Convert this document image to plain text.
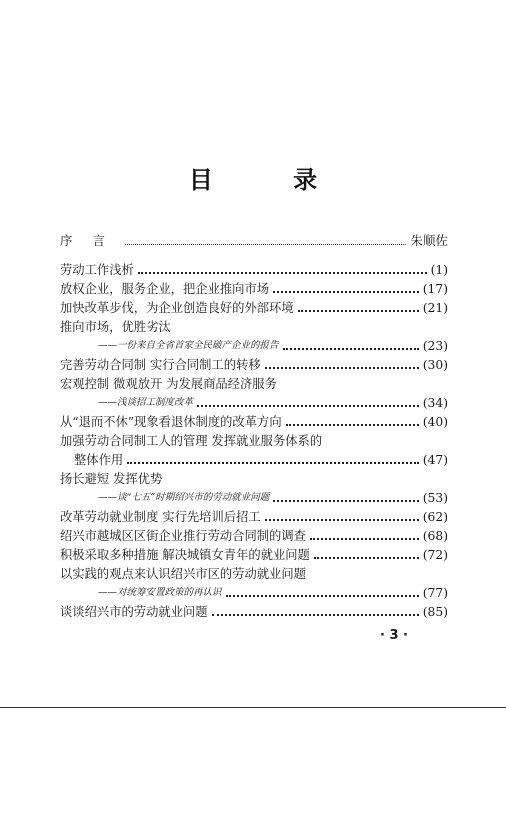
目 录
序言	朱顺佐
劳动工作浅析	(1)
放权企业，服务企业，把企业推向市场	(17)
加快改革步伐，为企业创造良好的外部环境	(21)
推向市场，优胜劣汰
——一份来自全省首家全民破产企业的报告	(23)
完善劳动合同制 实行合同制工的转移	(30)
宏观控制 微观放开 为发展商品经济服务
——浅谈招工制度改革	(34)
从“退而不休”现象看退休制度的改革方向	(40)
加强劳动合同制工人的管理 发挥就业服务体系的
整体作用	(47)
扬长避短 发挥优势
——谈“七五”时期绍兴市的劳动就业问题	(53)
改革劳动就业制度 实行先培训后招工	(62)
绍兴市越城区区街企业推行劳动合同制的调查	(68)
积极采取多种措施 解决城镇女青年的就业问题	(72)
以实践的观点来认识绍兴市区的劳动就业问题
——对统筹安置政策的再认识	(77)
谈谈绍兴市的劳动就业问题	(85)
· 3 ·
